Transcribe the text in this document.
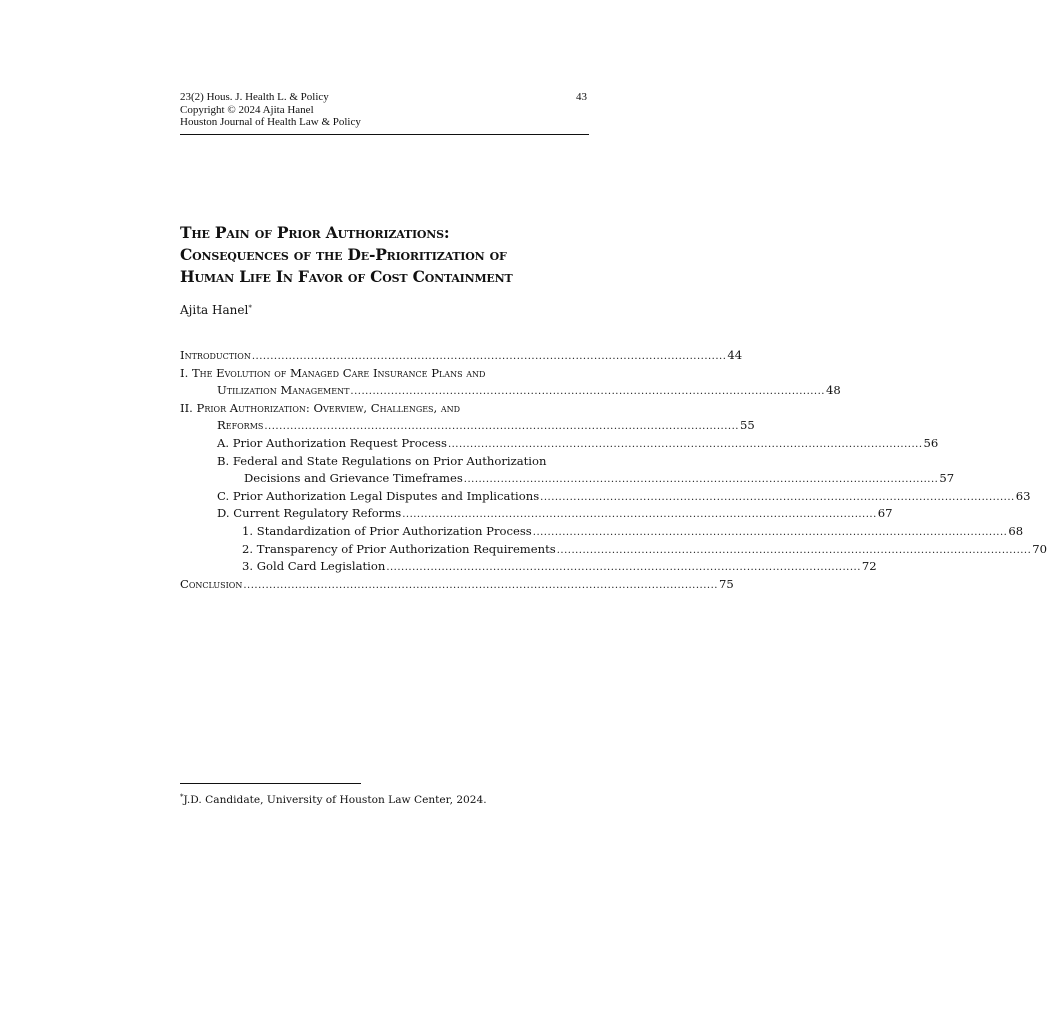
23(2) Hous. J. Health L. & Policy
Copyright © 2024 Ajita Hanel
Houston Journal of Health Law & Policy
43
The Pain of Prior Authorizations:
Consequences of the De-Prioritization of
Human Life In Favor of Cost Containment
Ajita Hanel*
Introduction ................................................................................................................................. 44
I. The Evolution of Managed Care Insurance Plans and
Utilization Management ................................................................................................................................. 48
II. Prior Authorization: Overview, Challenges, and
Reforms ................................................................................................................................. 55
A. Prior Authorization Request Process ................................................................................................................................. 56
B. Federal and State Regulations on Prior Authorization
Decisions and Grievance Timeframes ................................................................................................................................. 57
C. Prior Authorization Legal Disputes and Implications ................................................................................................................................. 63
D. Current Regulatory Reforms ................................................................................................................................. 67
1. Standardization of Prior Authorization Process ................................................................................................................................. 68
2. Transparency of Prior Authorization Requirements ................................................................................................................................. 70
3. Gold Card Legislation ................................................................................................................................. 72
Conclusion ................................................................................................................................. 75
*J.D. Candidate, University of Houston Law Center, 2024.
